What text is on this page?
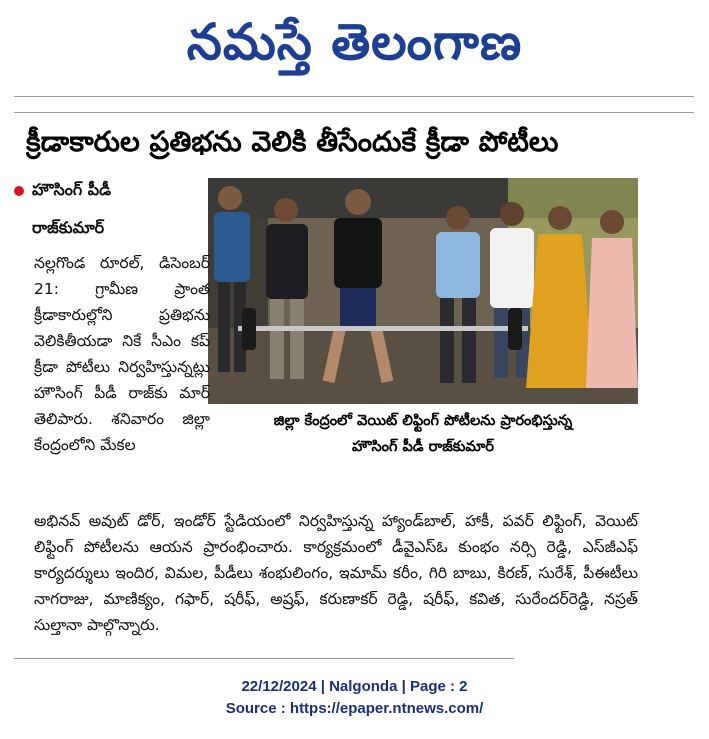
నమస్తే తెలంగాణ
క్రీడాకారుల ప్రతిభను వెలికి తీసేందుకే క్రీడా పోటీలు
హౌసింగ్ పీడీ
రాజ్‌కుమార్
జిల్లా కేంద్రంలో వెయిట్ లిఫ్టింగ్ పోటీలను ప్రారంభిస్తున్న
హౌసింగ్ పీడీ రాజ్‌కుమార్

నల్లగొండ రూరల్, డిసెంబర్ 21: గ్రామీణ ప్రాంత క్రీడాకారుల్లోని ప్రతిభను వెలికితీయడా నికే సీఎం కప్ క్రీడా పోటీలు నిర్వహిస్తున్నట్లు హౌసింగ్ పీడీ రాజ్‌కు మార్ తెలిపారు. శనివారం జిల్లా కేంద్రంలోని మేకల

అభినవ్ అవుట్ డోర్, ఇండోర్ స్టేడియంలో నిర్వహిస్తున్న హ్యాండ్‌బాల్, హాకీ, పవర్ లిఫ్టింగ్, వెయిట్ లిఫ్టింగ్ పోటీలను ఆయన ప్రారంభించారు. కార్యక్రమంలో డీవైఎస్‌ఓ కుంభం నర్సి రెడ్డి, ఎస్‌జీఎఫ్ కార్యదర్శులు ఇందిర, విమల, పీడీలు శంభులింగం, ఇమామ్ కరీం, గిరి బాబు, కిరణ్, సురేశ్, పీఈటీలు నాగరాజు, మాణిక్యం, గఫార్, షరీఫ్, అష్రఫ్, కరుణాకర్ రెడ్డి, షరీఫ్, కవిత, సురేందర్‌రెడ్డి, నస్రత్ సుల్తానా పాల్గొన్నారు.

22/12/2024 | Nalgonda | Page : 2
Source : https://epaper.ntnews.com/
